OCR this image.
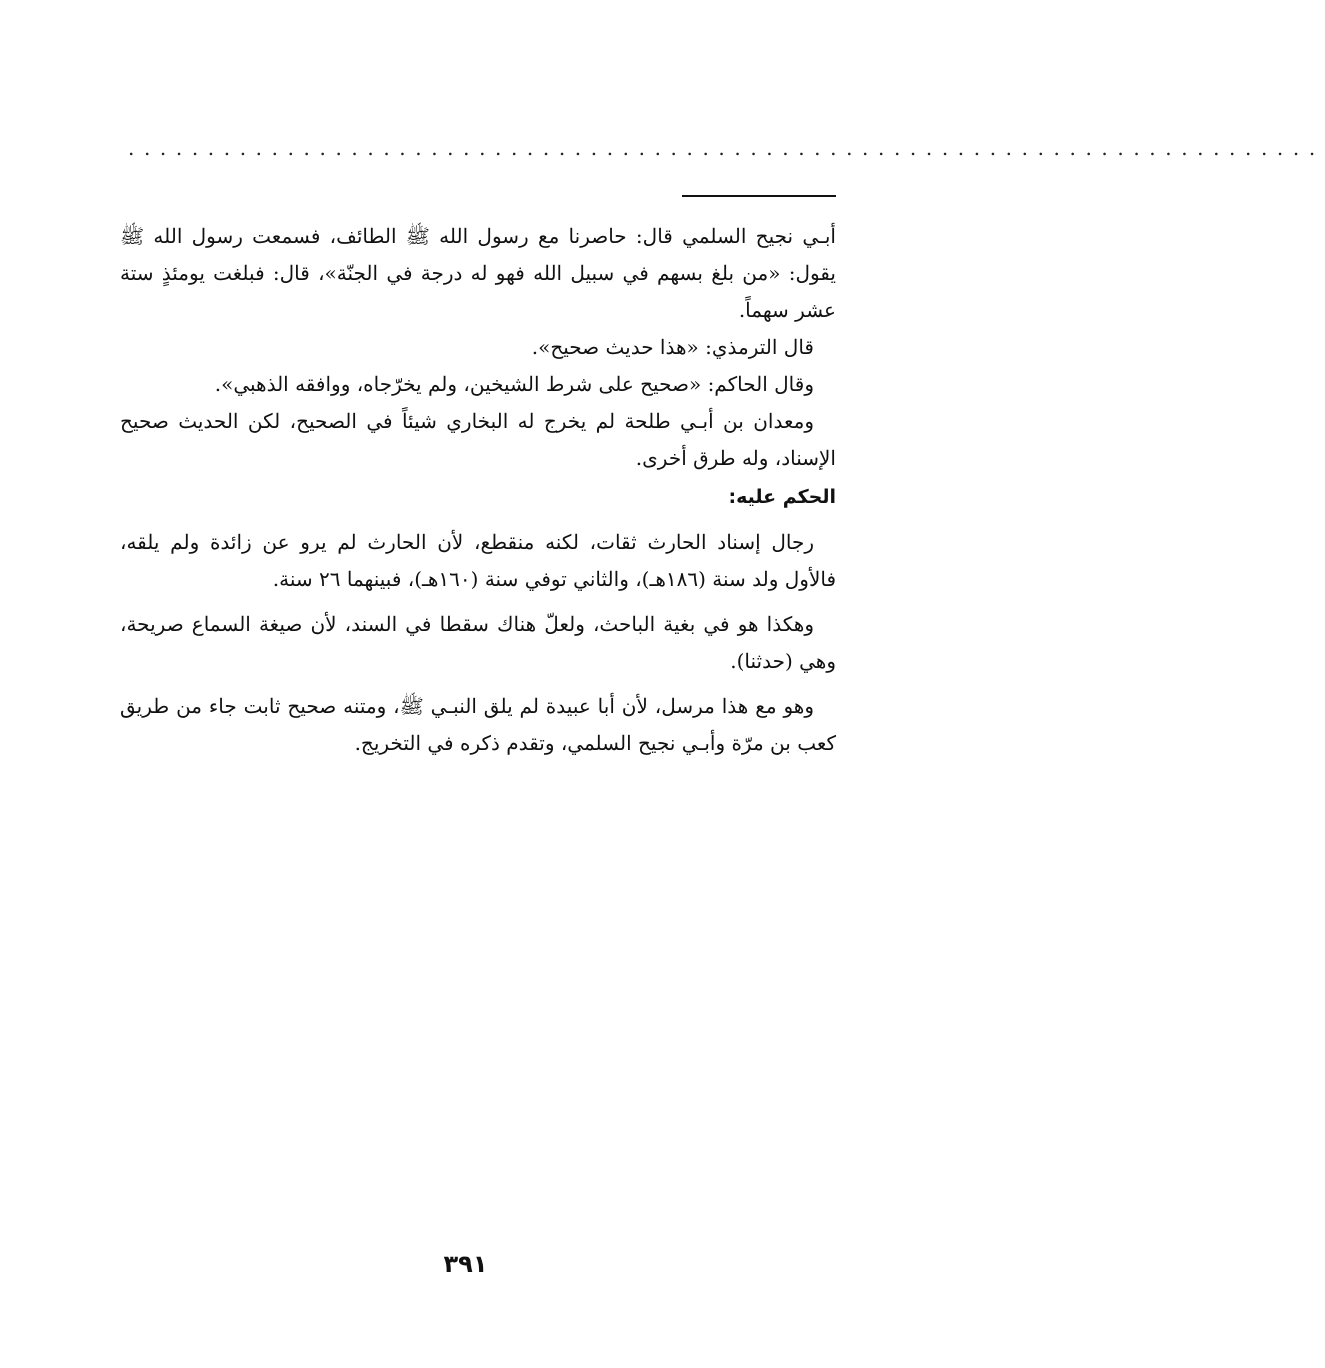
...........................................................................

أبـي نجيح السلمي قال: حاصرنا مع رسول الله ﷺ الطائف، فسمعت رسول الله ﷺ يقول: «من بلغ بسهم في سبيل الله فهو له درجة في الجنّة»، قال: فبلغت يومئذٍ ستة عشر سهماً.

قال الترمذي: «هذا حديث صحيح».

وقال الحاكم: «صحيح على شرط الشيخين، ولم يخرّجاه، ووافقه الذهبي».

ومعدان بن أبـي طلحة لم يخرج له البخاري شيئاً في الصحيح، لكن الحديث صحيح الإسناد، وله طرق أخرى.

الحكم عليه:

رجال إسناد الحارث ثقات، لكنه منقطع، لأن الحارث لم يرو عن زائدة ولم يلقه، فالأول ولد سنة (١٨٦هـ)، والثاني توفي سنة (١٦٠هـ)، فبينهما ٢٦ سنة.

وهكذا هو في بغية الباحث، ولعلّ هناك سقطا في السند، لأن صيغة السماع صريحة، وهي (حدثنا).

وهو مع هذا مرسل، لأن أبا عبيدة لم يلق النبـي ﷺ، ومتنه صحيح ثابت جاء من طريق كعب بن مرّة وأبـي نجيح السلمي، وتقدم ذكره في التخريج.

٣٩١
